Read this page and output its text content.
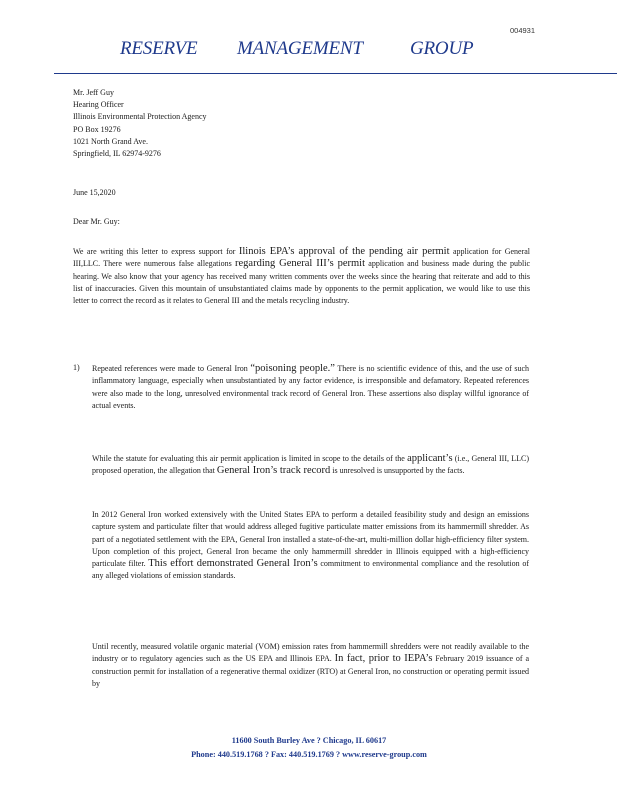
004931
RESERVE MANAGEMENT GROUP
Mr. Jeff Guy
Hearing Officer
Illinois Environmental Protection Agency
PO Box 19276
1021 North Grand Ave.
Springfield, IL 62974-9276
June 15,2020
Dear Mr. Guy:
We are writing this letter to express support for Ilinois EPA’s approval of the pending air permit application for General III,LLC. There were numerous false allegations regarding General III’s permit application and business made during the public hearing. We also know that your agency has received many written comments over the weeks since the hearing that reiterate and add to this list of inaccuracies. Given this mountain of unsubstantiated claims made by opponents to the permit application, we would like to use this letter to correct the record as it relates to General III and the metals recycling industry.
1) Repeated references were made to General Iron “poisoning people.” There is no scientific evidence of this, and the use of such inflammatory language, especially when unsubstantiated by any factor evidence, is irresponsible and defamatory. Repeated references were also made to the long, unresolved environmental track record of General Iron. These assertions also display willful ignorance of actual events.
While the statute for evaluating this air permit application is limited in scope to the details of the applicant’s (i.e., General III, LLC) proposed operation, the allegation that General Iron’s track record is unresolved is unsupported by the facts.
In 2012 General Iron worked extensively with the United States EPA to perform a detailed feasibility study and design an emissions capture system and particulate filter that would address alleged fugitive particulate matter emissions from its hammermill shredder. As part of a negotiated settlement with the EPA, General Iron installed a state-of-the-art, multi-million dollar high-efficiency filter system. Upon completion of this project, General Iron became the only hammermill shredder in Illinois equipped with a high-efficiency particulate filter. This effort demonstrated General Iron’s commitment to environmental compliance and the resolution of any alleged violations of emission standards.
Until recently, measured volatile organic material (VOM) emission rates from hammermill shredders were not readily available to the industry or to regulatory agencies such as the US EPA and Illinois EPA. In fact, prior to IEPA’s February 2019 issuance of a construction permit for installation of a regenerative thermal oxidizer (RTO) at General Iron, no construction or operating permit issued by
11600 South Burley Ave ? Chicago, IL 60617
Phone: 440.519.1768 ? Fax: 440.519.1769 ? www.reserve-group.com
